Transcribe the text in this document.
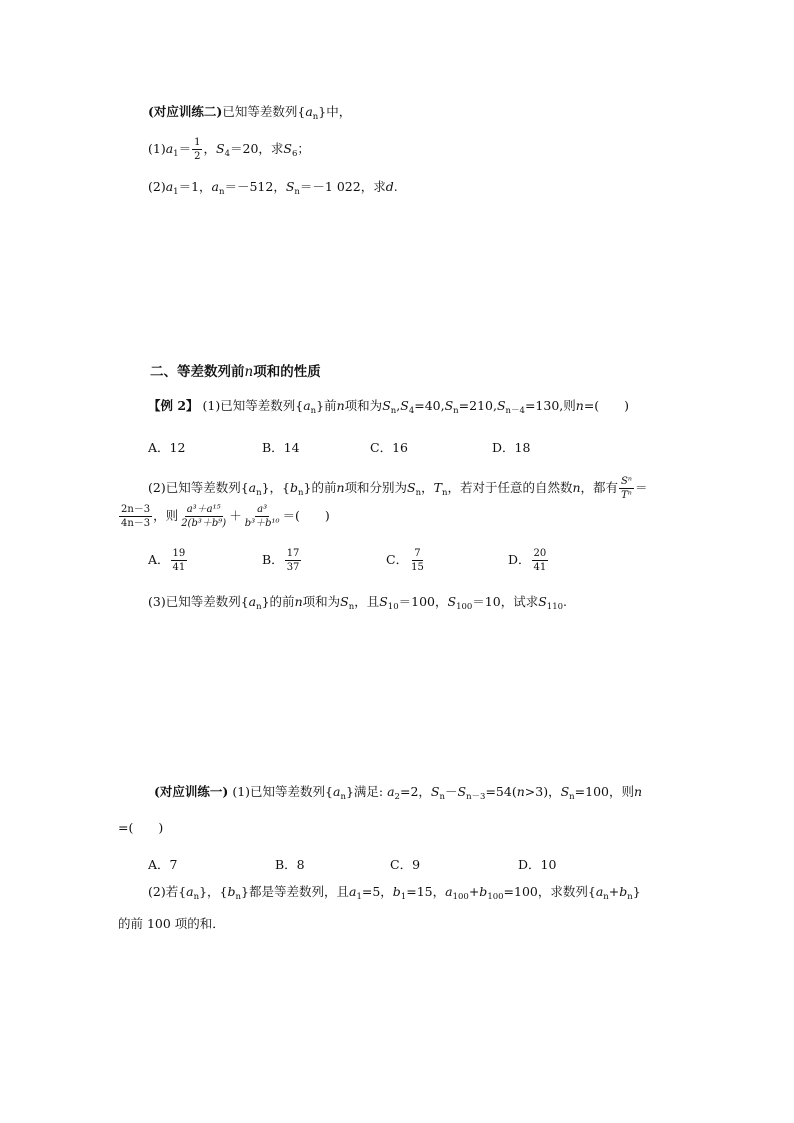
(对应训练二)已知等差数列$\{a_n\}$中，
$(1)a_1= \frac{1}{2}$ ，$S_4=20$，求$S_6$；
$(2)a_1=1$，$a_n=-512$，$S_n=-1$ 022，求d.
二、等差数列前n项和的性质
【例 2】 (1)已知等差数列$\{a_n\}$前n项和为$S_n,S_4=40,S_n=210,S_{n-4}=130$,则n=(　　)
A．12	B．14	C．16	D．18
(2)已知等差数列$\{a_n\}$，$\{b_n\}$的前n项和分别为$S_n$，$T_n$，若对于任意的自然数n，都有 $\frac{\text{Sⁿ}}{\text{Tⁿ}}$ ＝
$\frac{2n-3}{4n-3}$ ，则 $\frac{\text{a³＋a¹⁵}}{\text{2(b³＋b⁹)}} + \frac{\text{a³}}{\text{b³＋b¹⁰}}$ ＝(　　)
A． $\frac{19}{41}$	B． $\frac{17}{37}$	C． $\frac{7}{15}$	D． $\frac{20}{41}$
(3)已知等差数列$\{a_n\}$的前n项和为$S_n$，且$S_{10}=100$，$S_{100}=10$，试求$S_{110}$.
(对应训练一) (1)已知等差数列$\{a_n\}$满足: $a_2=2$，$S_n-S_{n-3}=54(n>3)$，$S_n=100$，则n
=(　　)
A．7	B．8	C．9	D．10
(2)若$\{a_n\}$，$\{b_n\}$都是等差数列，且$a_1=5$，$b_1=15$，$a_{100}+b_{100}=100$，求数列$\{a_n+b_n\}$
的前 100 项的和．
